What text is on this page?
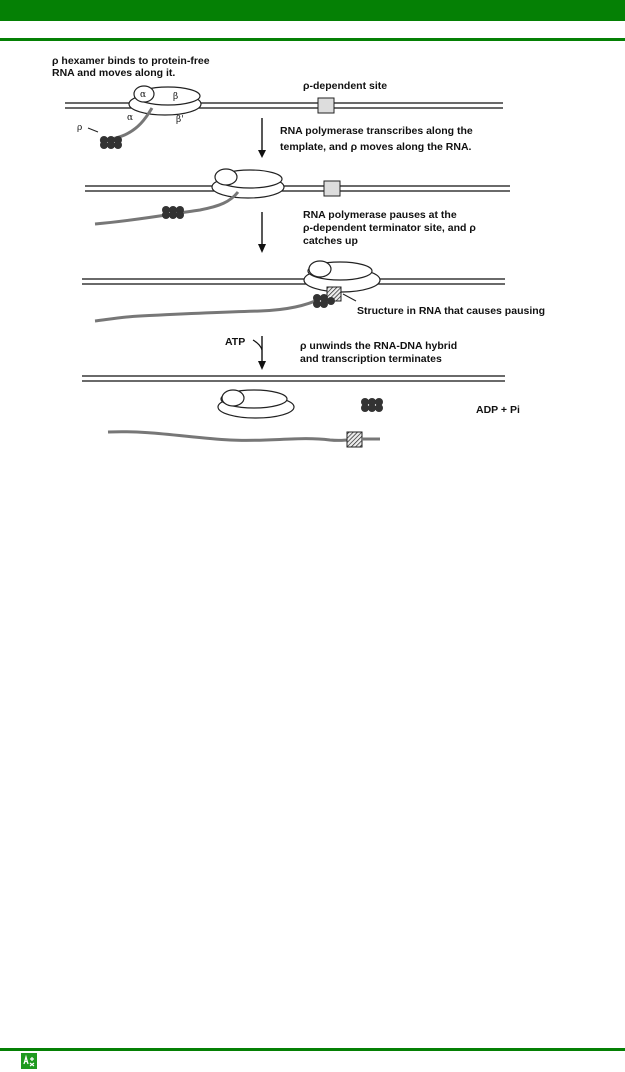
ρ hexamer binds to protein-free
RNA and moves along it.
ρ-dependent site
α	β
α	β'
ρ	RNA polymerase transcribes along the
template, and ρ moves along the RNA.
RNA polymerase pauses at the
ρ-dependent terminator site, and ρ
catches up
Structure in RNA that causes pausing
ATP	ρ unwinds the RNA-DNA hybrid
and transcription terminates
ADP + Pi
